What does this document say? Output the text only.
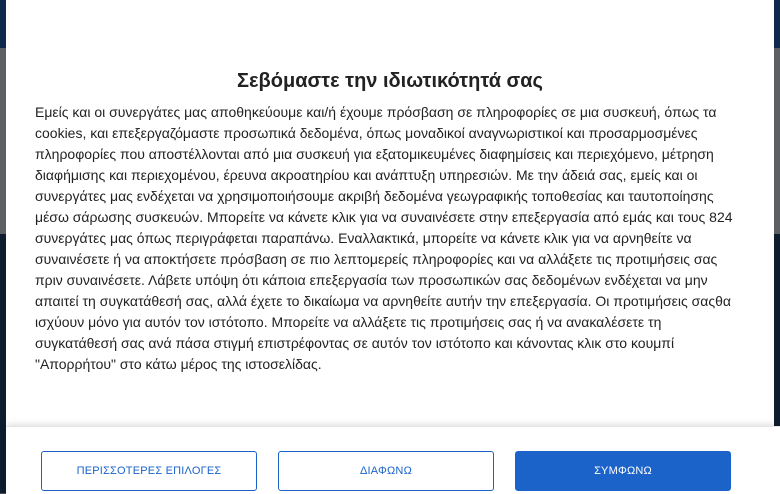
Σεβόμαστε την ιδιωτικότητά σας

Εμείς και οι συνεργάτες μας αποθηκεύουμε και/ή έχουμε πρόσβαση σε πληροφορίες σε μια συσκευή, όπως τα cookies, και επεξεργαζόμαστε προσωπικά δεδομένα, όπως μοναδικοί αναγνωριστικοί και προσαρμοσμένες πληροφορίες που αποστέλλονται από μια συσκευή για εξατομικευμένες διαφημίσεις και περιεχόμενο, μέτρηση διαφήμισης και περιεχομένου, έρευνα ακροατηρίου και ανάπτυξη υπηρεσιών. Με την άδειά σας, εμείς και οι συνεργάτες μας ενδέχεται να χρησιμοποιήσουμε ακριβή δεδομένα γεωγραφικής τοποθεσίας και ταυτοποίησης μέσω σάρωσης συσκευών. Μπορείτε να κάνετε κλικ για να συναινέσετε στην επεξεργασία από εμάς και τους 824 συνεργάτες μας όπως περιγράφεται παραπάνω. Εναλλακτικά, μπορείτε να κάνετε κλικ για να αρνηθείτε να συναινέσετε ή να αποκτήσετε πρόσβαση σε πιο λεπτομερείς πληροφορίες και να αλλάξετε τις προτιμήσεις σας πριν συναινέσετε. Λάβετε υπόψη ότι κάποια επεξεργασία των προσωπικών σας δεδομένων ενδέχεται να μην απαιτεί τη συγκατάθεσή σας, αλλά έχετε το δικαίωμα να αρνηθείτε αυτήν την επεξεργασία. Οι προτιμήσεις σαςθα ισχύουν μόνο για αυτόν τον ιστότοπο. Μπορείτε να αλλάξετε τις προτιμήσεις σας ή να ανακαλέσετε τη συγκατάθεσή σας ανά πάσα στιγμή επιστρέφοντας σε αυτόν τον ιστότοπο και κάνοντας κλικ στο κουμπί "Απορρήτου" στο κάτω μέρος της ιστοσελίδας.

ΠΕΡΙΣΣΟΤΕΡΕΣ ΕΠΙΛΟΓΕΣ	ΔΙΑΦΩΝΩ	ΣΥΜΦΩΝΩ
